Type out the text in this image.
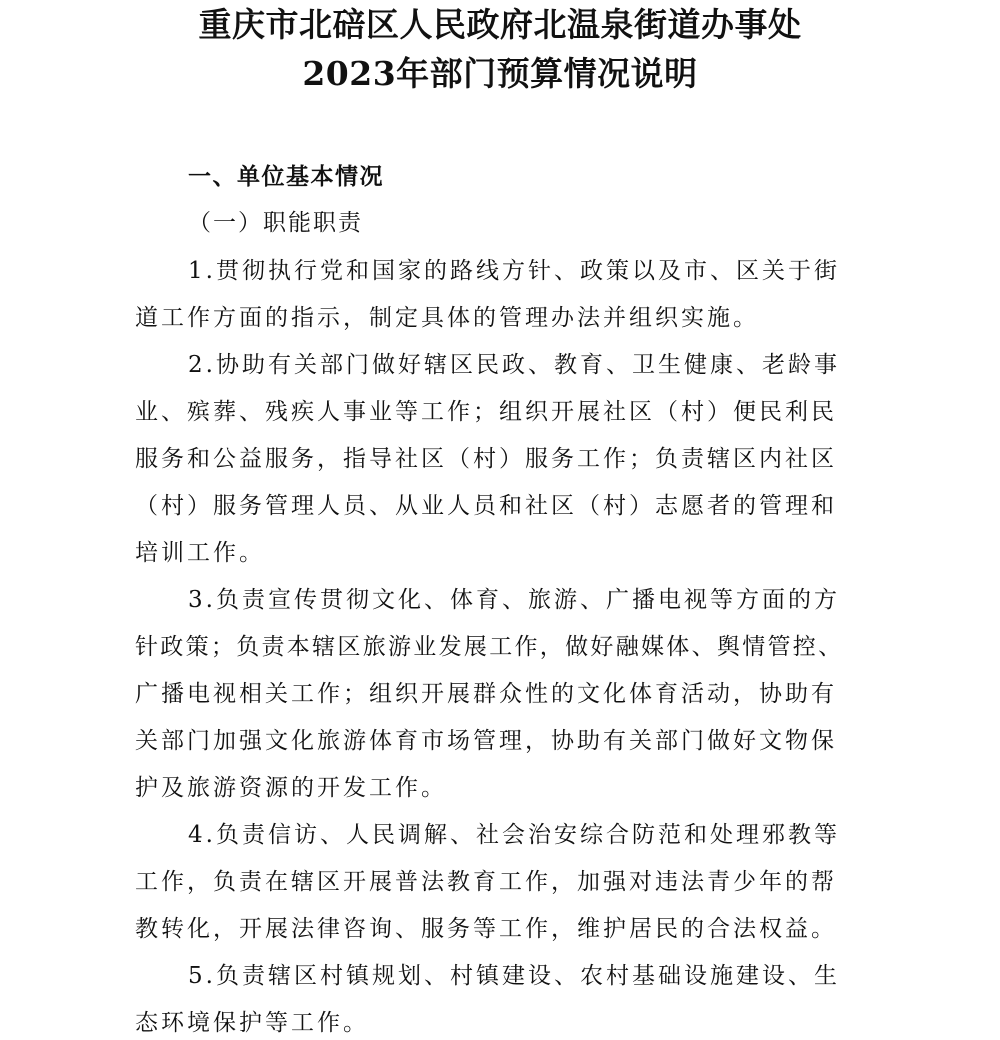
重庆市北碚区人民政府北温泉街道办事处
2023年部门预算情况说明

一、单位基本情况

（一）职能职责

1.贯彻执行党和国家的路线方针、政策以及市、区关于街

道工作方面的指示，制定具体的管理办法并组织实施。

2.协助有关部门做好辖区民政、教育、卫生健康、老龄事

业、殡葬、残疾人事业等工作；组织开展社区（村）便民利民

服务和公益服务，指导社区（村）服务工作；负责辖区内社区

（村）服务管理人员、从业人员和社区（村）志愿者的管理和

培训工作。

3.负责宣传贯彻文化、体育、旅游、广播电视等方面的方

针政策；负责本辖区旅游业发展工作，做好融媒体、舆情管控、

广播电视相关工作；组织开展群众性的文化体育活动，协助有

关部门加强文化旅游体育市场管理，协助有关部门做好文物保

护及旅游资源的开发工作。

4.负责信访、人民调解、社会治安综合防范和处理邪教等

工作，负责在辖区开展普法教育工作，加强对违法青少年的帮

教转化，开展法律咨询、服务等工作，维护居民的合法权益。

5.负责辖区村镇规划、村镇建设、农村基础设施建设、生

态环境保护等工作。
